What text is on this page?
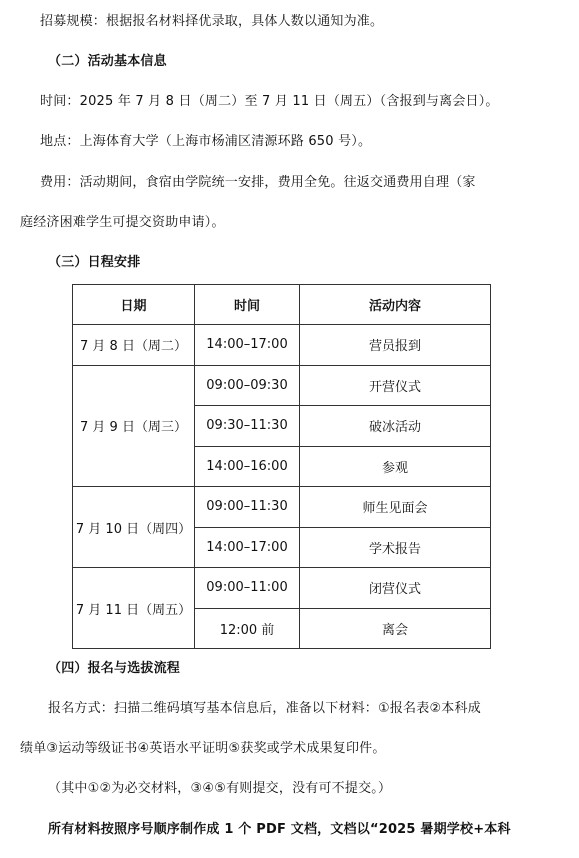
招募规模：根据报名材料择优录取，具体人数以通知为准。
（二）活动基本信息
时间：2025 年 7 月 8 日（周二）至 7 月 11 日（周五）（含报到与离会日）。
地点：上海体育大学（上海市杨浦区清源环路 650 号）。
费用：活动期间，食宿由学院统一安排，费用全免。往返交通费用自理（家
庭经济困难学生可提交资助申请）。
（三）日程安排
日期	时间	活动内容
7 月 8 日（周二）	14:00–17:00	营员报到
7 月 9 日（周三）	09:00–09:30	开营仪式
	09:30–11:30	破冰活动
	14:00–16:00	参观
7 月 10 日（周四）	09:00–11:30	师生见面会
	14:00–17:00	学术报告
7 月 11 日（周五）	09:00–11:00	闭营仪式
	12:00 前	离会
（四）报名与选拔流程
报名方式：扫描二维码填写基本信息后，准备以下材料：①报名表②本科成
绩单③运动等级证书④英语水平证明⑤获奖或学术成果复印件。
（其中①②为必交材料，③④⑤有则提交，没有可不提交。）
所有材料按照序号顺序制作成 1 个 PDF 文档，文档以“2025 暑期学校+本科
